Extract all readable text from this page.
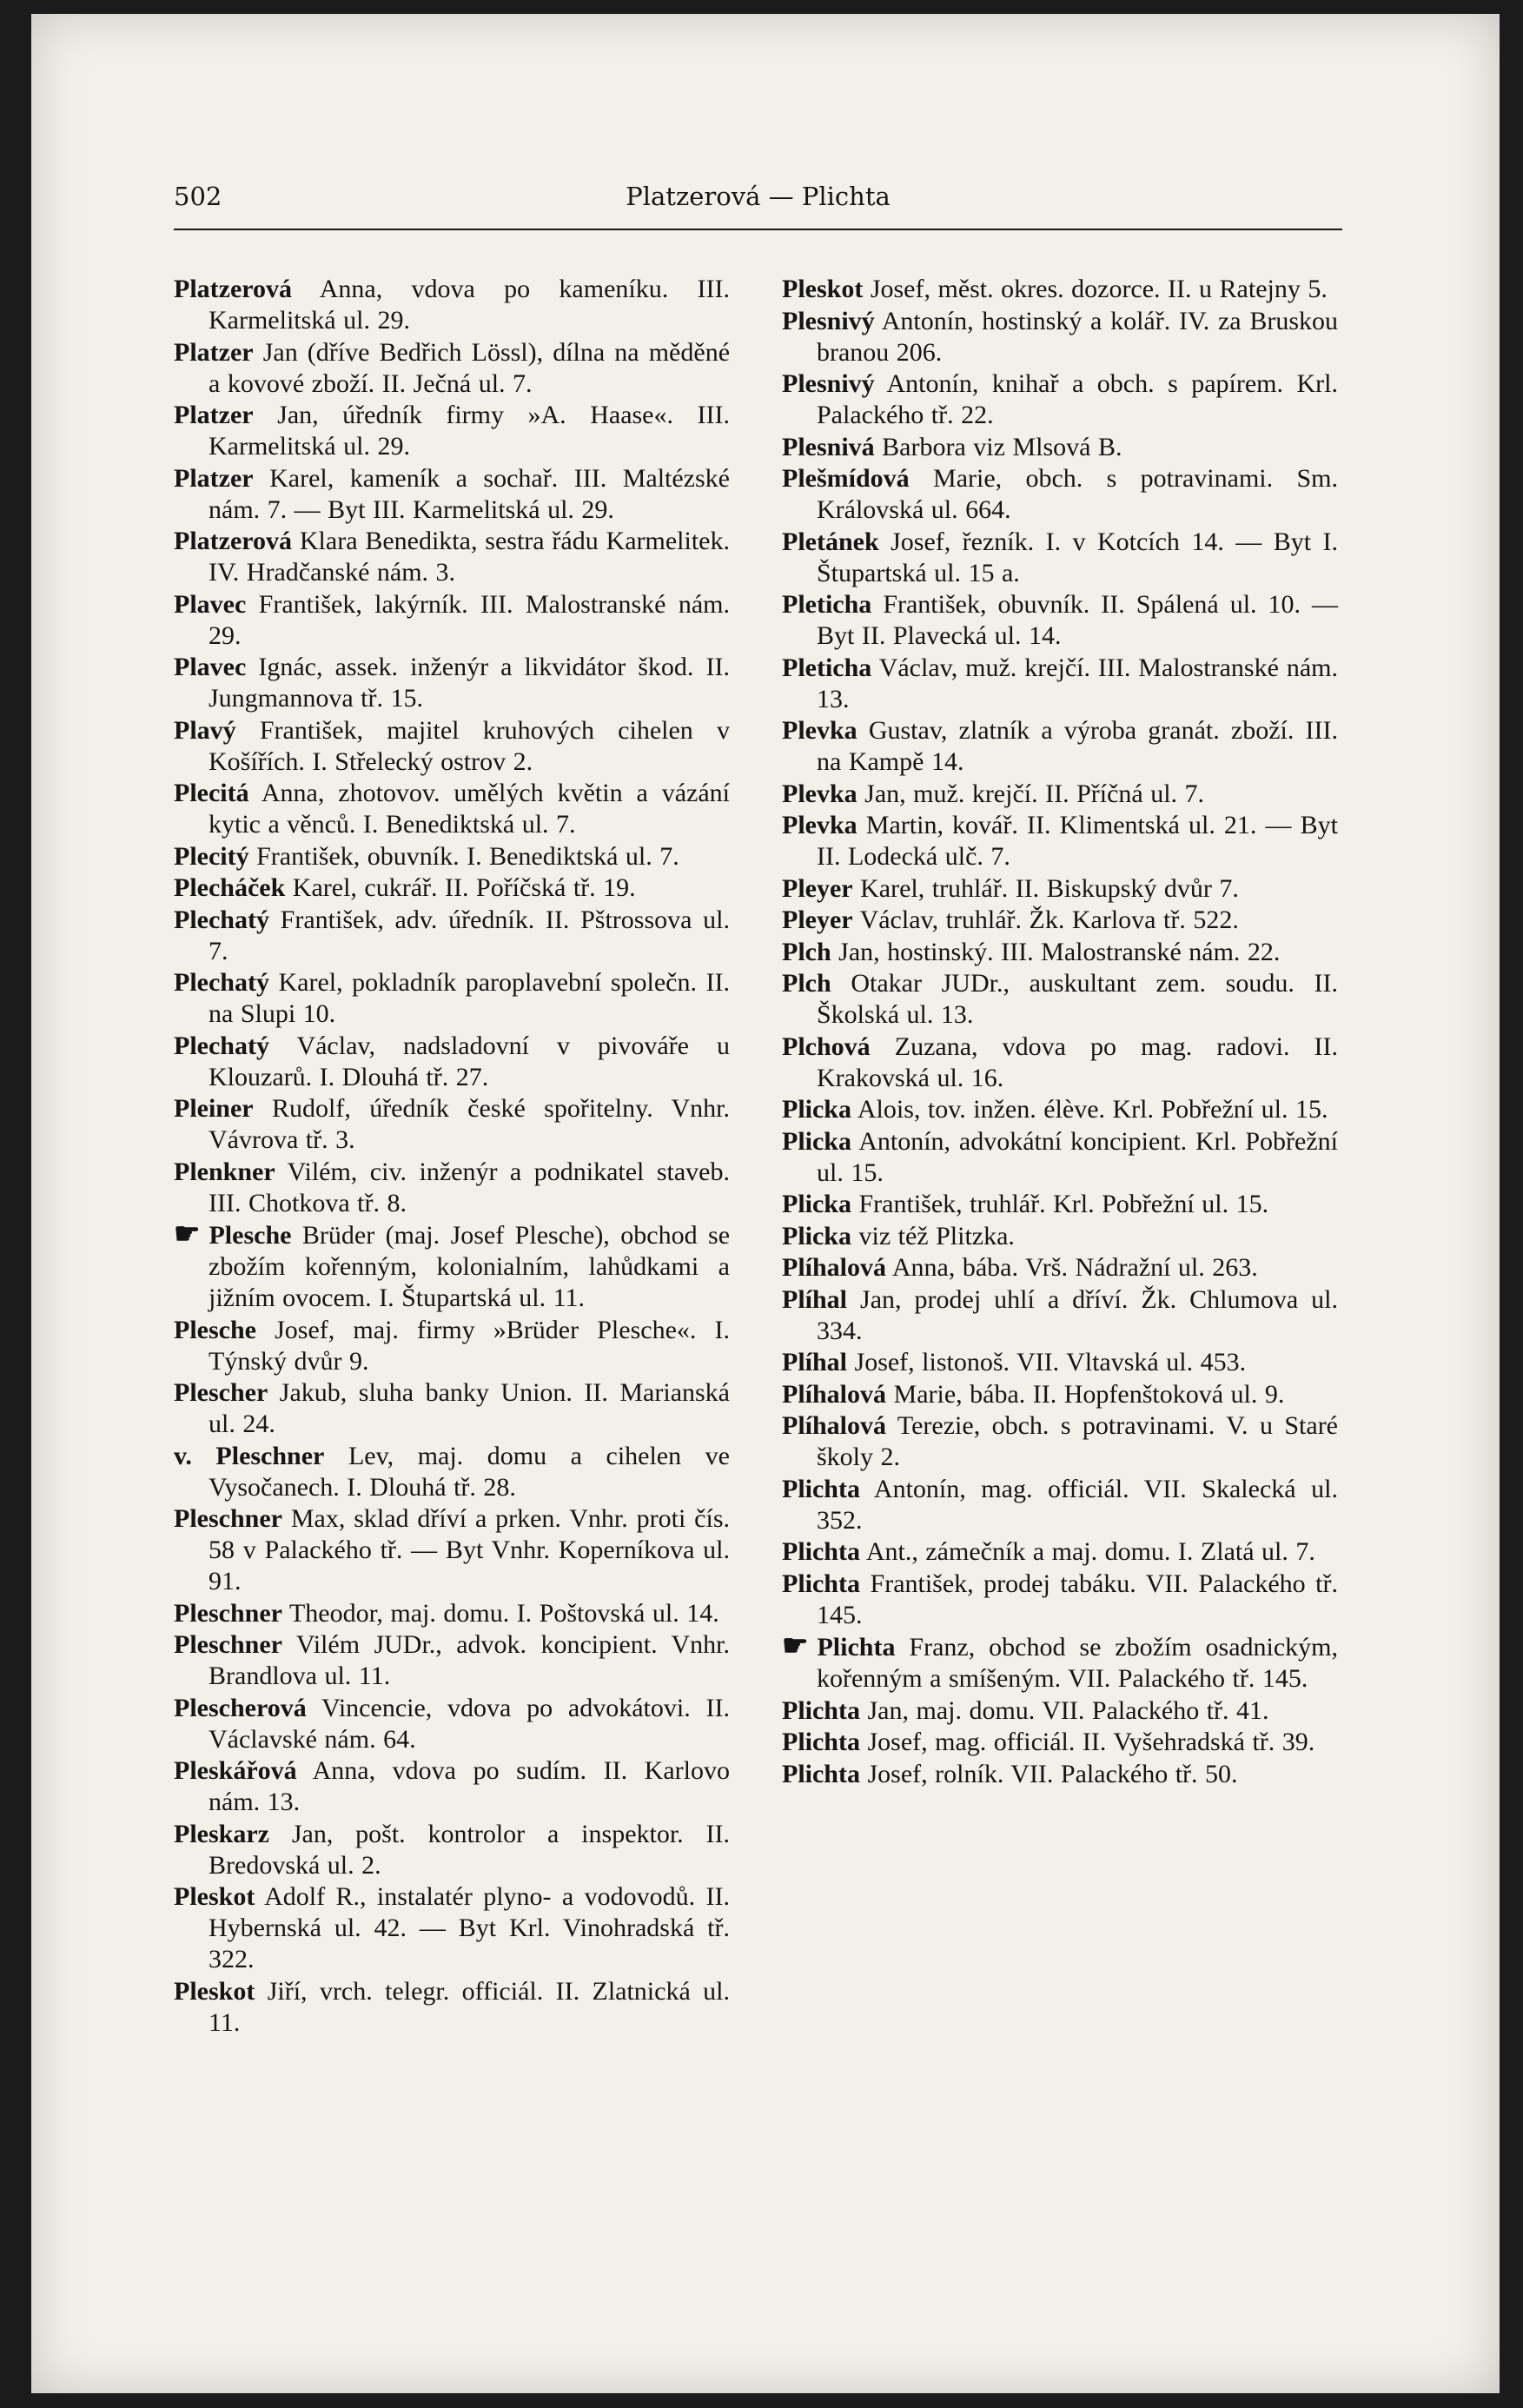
502	Platzerová — Plichta

Platzerová Anna, vdova po kameníku. III. Karmelitská ul. 29.

Platzer Jan (dříve Bedřich Lössl), dílna na měděné a kovové zboží. II. Ječná ul. 7.

Platzer Jan, úředník firmy »A. Haase«. III. Karmelitská ul. 29.

Platzer Karel, kameník a sochař. III. Maltézské nám. 7. — Byt III. Karmelitská ul. 29.

Platzerová Klara Benedikta, sestra řádu Karmelitek. IV. Hradčanské nám. 3.

Plavec František, lakýrník. III. Malostranské nám. 29.

Plavec Ignác, assek. inženýr a likvidátor škod. II. Jungmannova tř. 15.

Plavý František, majitel kruhových cihelen v Košířích. I. Střelecký ostrov 2.

Plecitá Anna, zhotovov. umělých květin a vázání kytic a věnců. I. Benediktská ul. 7.

Plecitý František, obuvník. I. Benediktská ul. 7.

Plecháček Karel, cukrář. II. Poříčská tř. 19.

Plechatý František, adv. úředník. II. Pštrossova ul. 7.

Plechatý Karel, pokladník paroplavební společn. II. na Slupi 10.

Plechatý Václav, nadsladovní v pivováře u Klouzarů. I. Dlouhá tř. 27.

Pleiner Rudolf, úředník české spořitelny. Vnhr. Vávrova tř. 3.

Plenkner Vilém, civ. inženýr a podnikatel staveb. III. Chotkova tř. 8.

☛ Plesche Brüder (maj. Josef Plesche), obchod se zbožím kořenným, kolonialním, lahůdkami a jižním ovocem. I. Štupartská ul. 11.

Plesche Josef, maj. firmy »Brüder Plesche«. I. Týnský dvůr 9.

Plescher Jakub, sluha banky Union. II. Marianská ul. 24.

v. Pleschner Lev, maj. domu a cihelen ve Vysočanech. I. Dlouhá tř. 28.

Pleschner Max, sklad dříví a prken. Vnhr. proti čís. 58 v Palackého tř. — Byt Vnhr. Koperníkova ul. 91.

Pleschner Theodor, maj. domu. I. Poštovská ul. 14.

Pleschner Vilém JUDr., advok. koncipient. Vnhr. Brandlova ul. 11.

Plescherová Vincencie, vdova po advokátovi. II. Václavské nám. 64.

Pleskářová Anna, vdova po sudím. II. Karlovo nám. 13.

Pleskarz Jan, pošt. kontrolor a inspektor. II. Bredovská ul. 2.

Pleskot Adolf R., instalatér plyno- a vodovodů. II. Hybernská ul. 42. — Byt Krl. Vinohradská tř. 322.

Pleskot Jiří, vrch. telegr. officiál. II. Zlatnická ul. 11.

Pleskot Josef, měst. okres. dozorce. II. u Ratejny 5.

Plesnivý Antonín, hostinský a kolář. IV. za Bruskou branou 206.

Plesnivý Antonín, knihař a obch. s papírem. Krl. Palackého tř. 22.

Plesnivá Barbora viz Mlsová B.

Plešmídová Marie, obch. s potravinami. Sm. Královská ul. 664.

Pletánek Josef, řezník. I. v Kotcích 14. — Byt I. Štupartská ul. 15 a.

Pleticha František, obuvník. II. Spálená ul. 10. — Byt II. Plavecká ul. 14.

Pleticha Václav, muž. krejčí. III. Malostranské nám. 13.

Plevka Gustav, zlatník a výroba granát. zboží. III. na Kampě 14.

Plevka Jan, muž. krejčí. II. Příčná ul. 7.

Plevka Martin, kovář. II. Klimentská ul. 21. — Byt II. Lodecká ulč. 7.

Pleyer Karel, truhlář. II. Biskupský dvůr 7.

Pleyer Václav, truhlář. Žk. Karlova tř. 522.

Plch Jan, hostinský. III. Malostranské nám. 22.

Plch Otakar JUDr., auskultant zem. soudu. II. Školská ul. 13.

Plchová Zuzana, vdova po mag. radovi. II. Krakovská ul. 16.

Plicka Alois, tov. inžen. élève. Krl. Pobřežní ul. 15.

Plicka Antonín, advokátní koncipient. Krl. Pobřežní ul. 15.

Plicka František, truhlář. Krl. Pobřežní ul. 15.

Plicka viz též Plitzka.

Plíhalová Anna, bába. Vrš. Nádražní ul. 263.

Plíhal Jan, prodej uhlí a dříví. Žk. Chlumova ul. 334.

Plíhal Josef, listonoš. VII. Vltavská ul. 453.

Plíhalová Marie, bába. II. Hopfenštoková ul. 9.

Plíhalová Terezie, obch. s potravinami. V. u Staré školy 2.

Plichta Antonín, mag. officiál. VII. Skalecká ul. 352.

Plichta Ant., zámečník a maj. domu. I. Zlatá ul. 7.

Plichta František, prodej tabáku. VII. Palackého tř. 145.

☛ Plichta Franz, obchod se zbožím osadnickým, kořenným a smíšeným. VII. Palackého tř. 145.

Plichta Jan, maj. domu. VII. Palackého tř. 41.

Plichta Josef, mag. officiál. II. Vyšehradská tř. 39.

Plichta Josef, rolník. VII. Palackého tř. 50.
